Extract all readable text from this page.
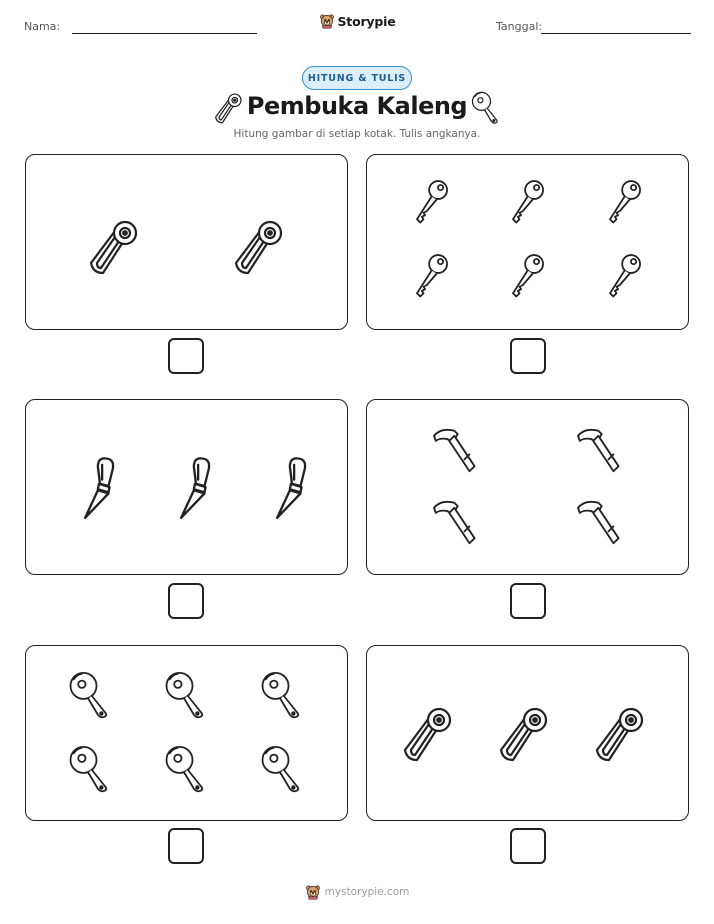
Nama:	Storypie	Tanggal:
HITUNG & TULIS
Pembuka Kaleng
Hitung gambar di setiap kotak. Tulis angkanya.
mystorypie.com
